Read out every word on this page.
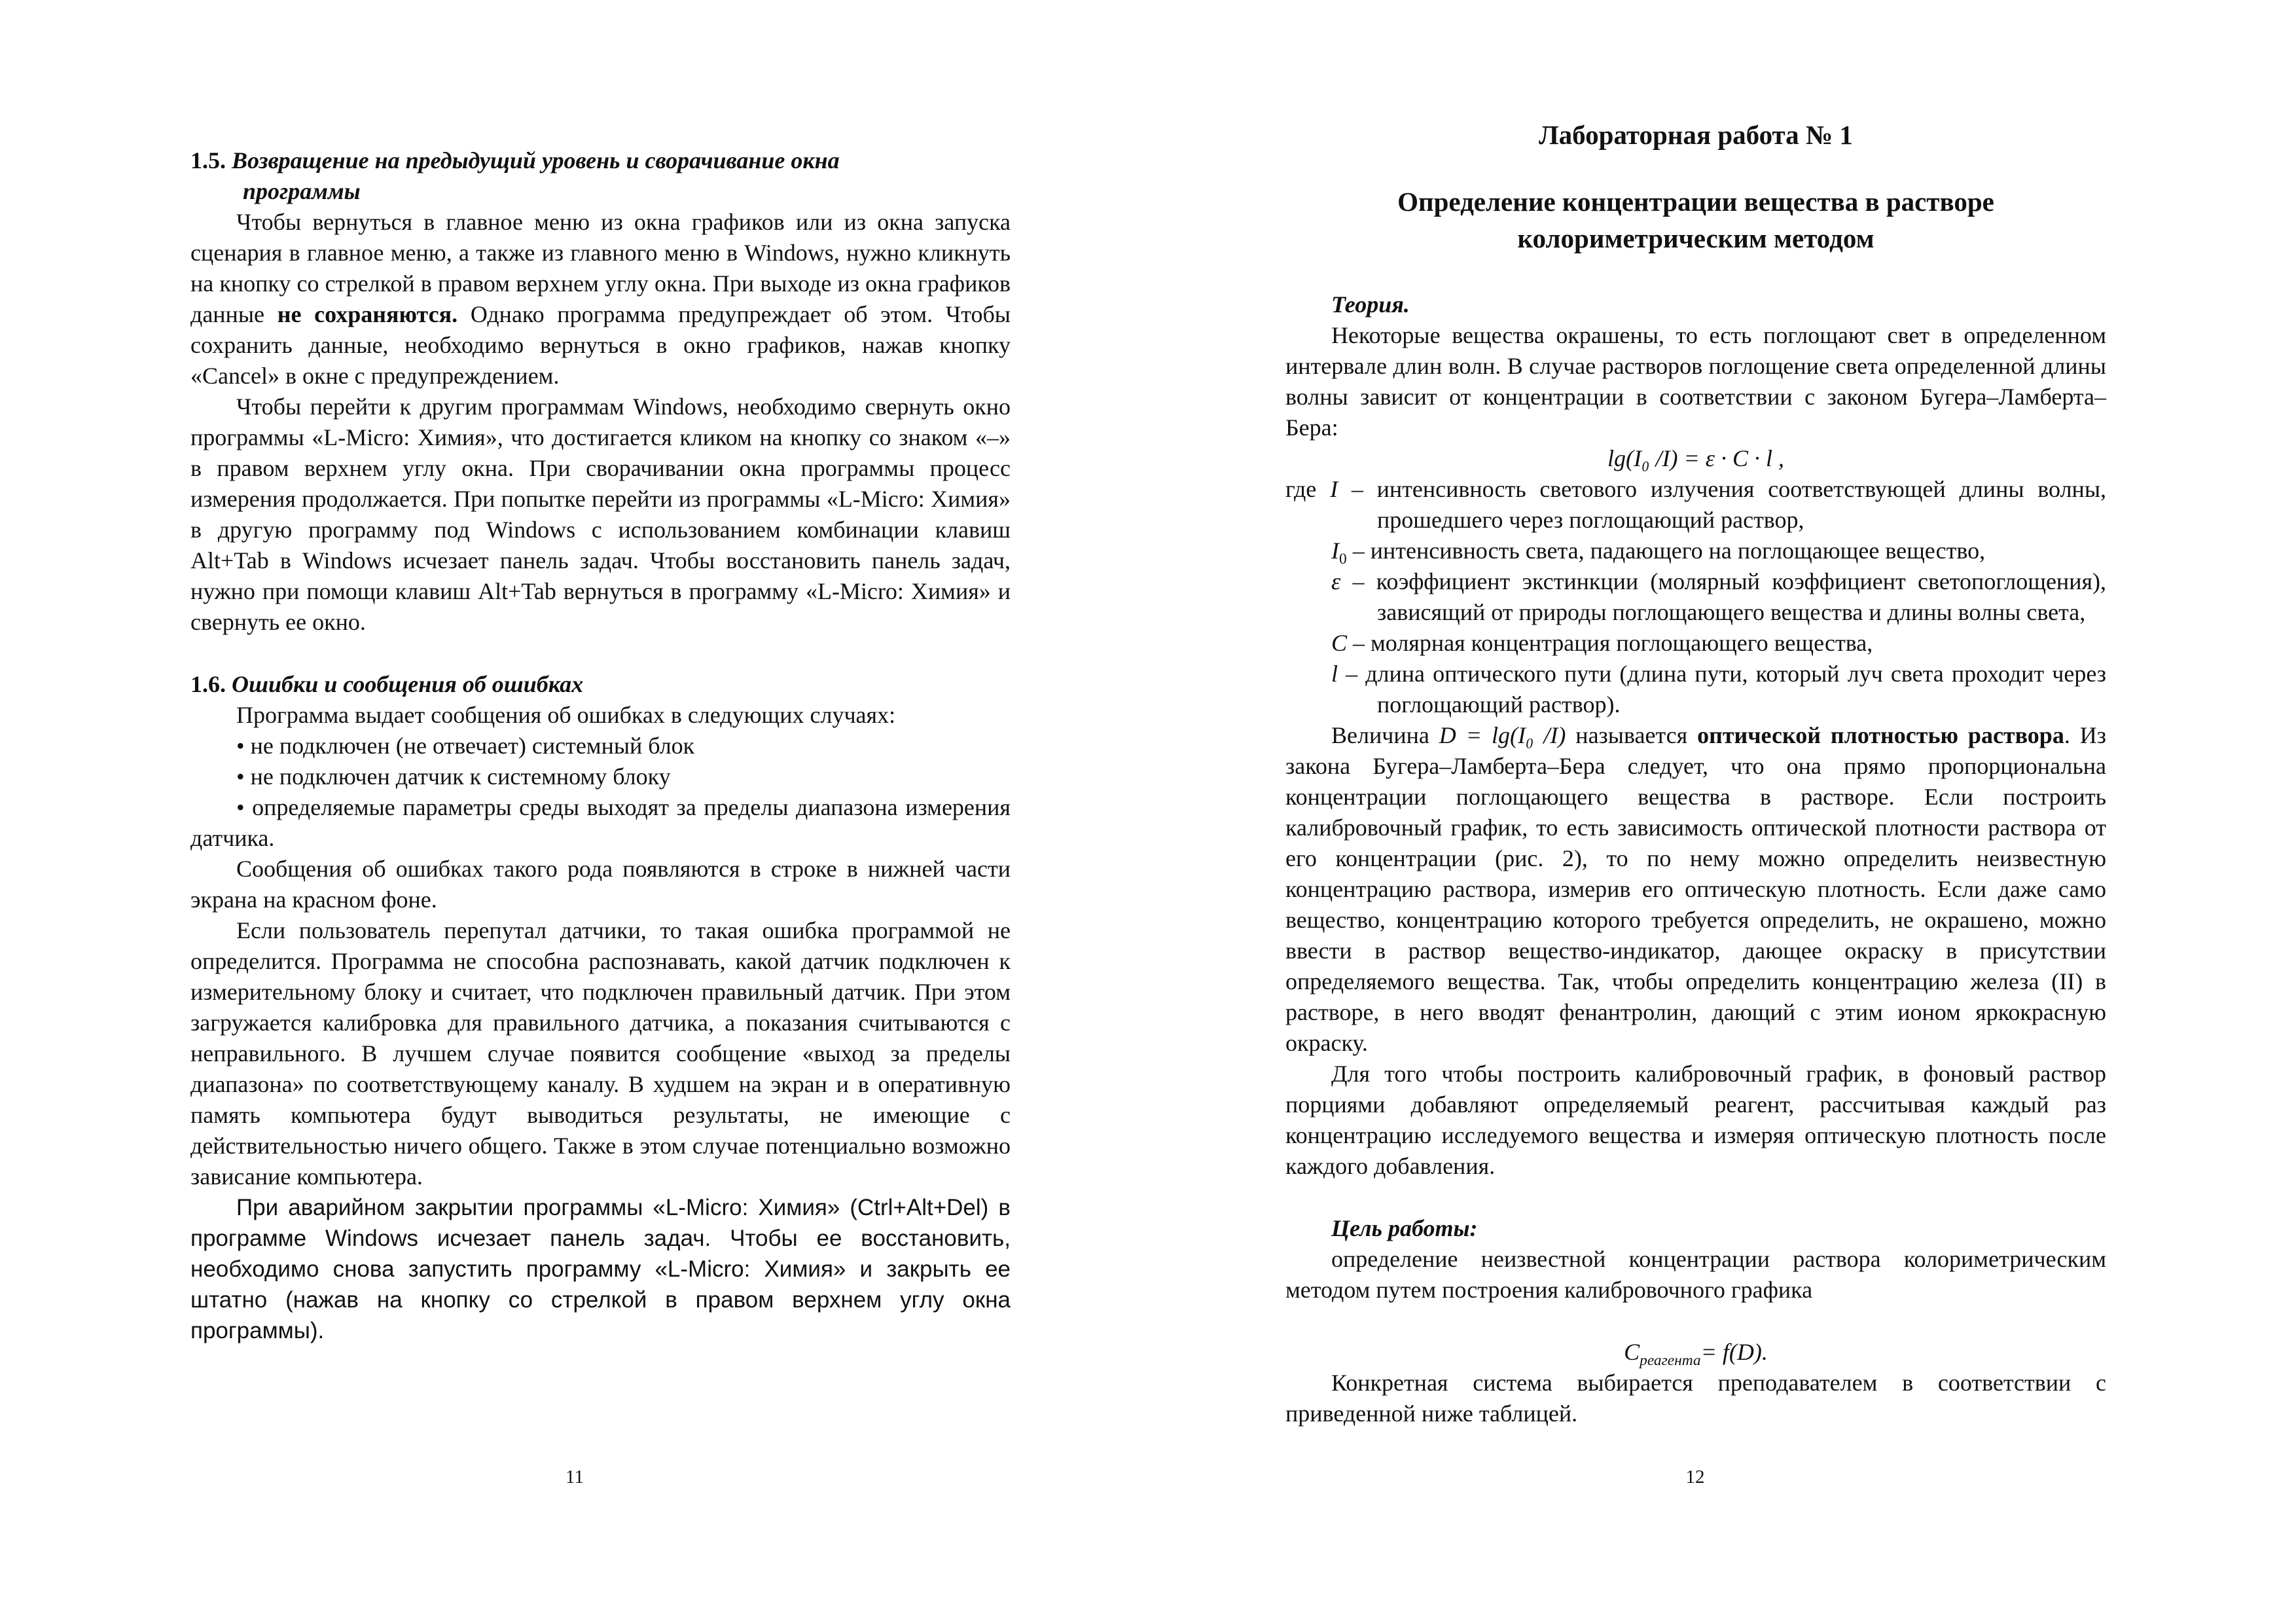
1.5. Возвращение на предыдущий уровень и сворачивание окна
программы

Чтобы вернуться в главное меню из окна графиков или из окна запуска сценария в главное меню, а также из главного меню в Windows, нужно кликнуть на кнопку со стрелкой в правом верхнем углу окна. При выходе из окна графиков данные не сохраняются. Однако программа предупреждает об этом. Чтобы сохранить данные, необходимо вернуться в окно графиков, нажав кнопку «Cancel» в окне с предупреждением.

Чтобы перейти к другим программам Windows, необходимо свернуть окно программы «L-Micro: Химия», что достигается кликом на кнопку со знаком «–» в правом верхнем углу окна. При сворачивании окна программы процесс измерения продолжается. При попытке перейти из программы «L-Micro: Химия» в другую программу под Windows с использованием комбинации клавиш Alt+Tab в Windows исчезает панель задач. Чтобы восстановить панель задач, нужно при помощи клавиш Alt+Tab вернуться в программу «L-Micro: Химия» и свернуть ее окно.

1.6. Ошибки и сообщения об ошибках

Программа выдает сообщения об ошибках в следующих случаях:

• не подключен (не отвечает) системный блок

• не подключен датчик к системному блоку

• определяемые параметры среды выходят за пределы диапазона измерения датчика.

Сообщения об ошибках такого рода появляются в строке в нижней части экрана на красном фоне.

Если пользователь перепутал датчики, то такая ошибка программой не определится. Программа не способна распознавать, какой датчик подключен к измерительному блоку и считает, что подключен правильный датчик. При этом загружается калибровка для правильного датчика, а показания считываются с неправильного. В лучшем случае появится сообщение «выход за пределы диапазона» по соответствующему каналу. В худшем на экран и в оперативную память компьютера будут выводиться результаты, не имеющие с действительностью ничего общего. Также в этом случае потенциально возможно зависание компьютера.

При аварийном закрытии программы «L-Micro: Химия» (Ctrl+Alt+Del) в программе Windows исчезает панель задач. Чтобы ее восстановить, необходимо снова запустить программу «L-Micro: Химия» и закрыть ее штатно (нажав на кнопку со стрелкой в правом верхнем углу окна программы).

11

Лабораторная работа № 1

Определение концентрации вещества в растворе
колориметрическим методом

Теория.

Некоторые вещества окрашены, то есть поглощают свет в определенном интервале длин волн. В случае растворов поглощение света определенной длины волны зависит от концентрации в соответствии с законом Бугера–Ламберта–Бера:

lg(I₀ /I) = ε · C · l ,

где I – интенсивность светового излучения соответствующей длины волны, прошедшего через поглощающий раствор,

$I_0$ – интенсивность света, падающего на поглощающее вещество,

ε – коэффициент экстинкции (молярный коэффициент светопоглощения), зависящий от природы поглощающего вещества и длины волны света,

C – молярная концентрация поглощающего вещества,

l – длина оптического пути (длина пути, который луч света проходит через поглощающий раствор).

Величина D = lg(I₀ /I) называется оптической плотностью раствора. Из закона Бугера–Ламберта–Бера следует, что она прямо пропорциональна концентрации поглощающего вещества в растворе. Если построить калибровочный график, то есть зависимость оптической плотности раствора от его концентрации (рис. 2), то по нему можно определить неизвестную концентрацию раствора, измерив его оптическую плотность. Если даже само вещество, концентрацию которого требуется определить, не окрашено, можно ввести в раствор вещество-индикатор, дающее окраску в присутствии определяемого вещества. Так, чтобы определить концентрацию железа (II) в растворе, в него вводят фенантролин, дающий с этим ионом яркокрасную окраску.

Для того чтобы построить калибровочный график, в фоновый раствор порциями добавляют определяемый реагент, рассчитывая каждый раз концентрацию исследуемого вещества и измеряя оптическую плотность после каждого добавления.

Цель работы:

определение неизвестной концентрации раствора колориметрическим методом путем построения калибровочного графика

$C_{реагента}= f(D)$.

Конкретная система выбирается преподавателем в соответствии с приведенной ниже таблицей.

12
